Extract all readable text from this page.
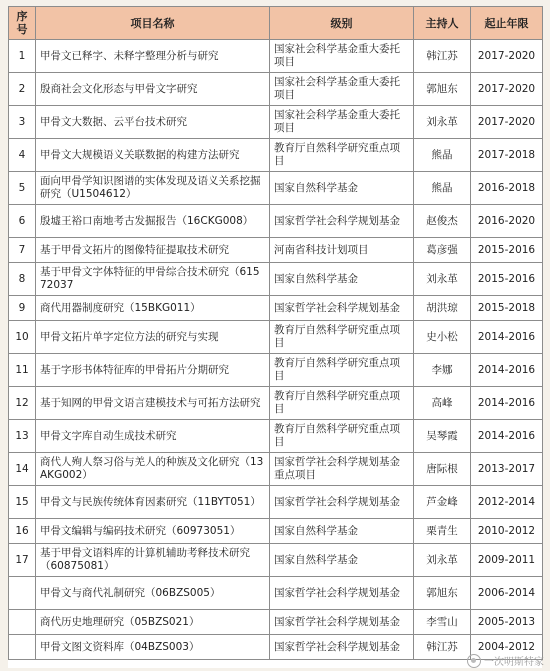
序号	项目名称	级别	主持人	起止年限
1	甲骨文已释字、未释字整理分析与研究	国家社会科学基金重大委托项目	韩江苏	2017-2020
2	殷商社会文化形态与甲骨文字研究	国家社会科学基金重大委托项目	郭旭东	2017-2020
3	甲骨文大数据、云平台技术研究	国家社会科学基金重大委托项目	刘永革	2017-2020
4	甲骨文大规模语义关联数据的构建方法研究	教育厅自然科学研究重点项目	熊晶	2017-2018
5	面向甲骨学知识图谱的实体发现及语义关系挖掘研究（U1504612）	国家自然科学基金	熊晶	2016-2018
6	殷墟王裕口南地考古发掘报告（16CKG008）	国家哲学社会科学规划基金	赵俊杰	2016-2020
7	基于甲骨文拓片的图像特征提取技术研究	河南省科技计划项目	葛彦强	2015-2016
8	基于甲骨文字体特征的甲骨综合技术研究（61572037	国家自然科学基金	刘永革	2015-2016
9	商代用器制度研究（15BKG011）	国家哲学社会科学规划基金	胡洪琼	2015-2018
10	甲骨文拓片单字定位方法的研究与实现	教育厅自然科学研究重点项目	史小松	2014-2016
11	基于字形书体特征库的甲骨拓片分期研究	教育厅自然科学研究重点项目	李娜	2014-2016
12	基于知网的甲骨文语言建模技术与可拓方法研究	教育厅自然科学研究重点项目	高峰	2014-2016
13	甲骨文字库自动生成技术研究	教育厅自然科学研究重点项目	吴琴霞	2014-2016
14	商代人殉人祭习俗与羌人的种族及文化研究（13AKG002）	国家哲学社会科学规划基金重点项目	唐际根	2013-2017
15	甲骨文与民族传统体育因素研究（11BYT051）	国家哲学社会科学规划基金	芦金峰	2012-2014
16	甲骨文编辑与编码技术研究（60973051）	国家自然科学基金	栗青生	2010-2012
17	基于甲骨文语料库的计算机辅助考释技术研究（60875081）	国家自然科学基金	刘永革	2009-2011
	甲骨文与商代礼制研究（06BZS005）	国家哲学社会科学规划基金	郭旭东	2006-2014
	商代历史地理研究（05BZS021）	国家哲学社会科学规划基金	李雪山	2005-2013
	甲骨文图文资料库（04BZS003）	国家哲学社会科学规划基金	韩江苏	2004-2012
一次明斯特家
